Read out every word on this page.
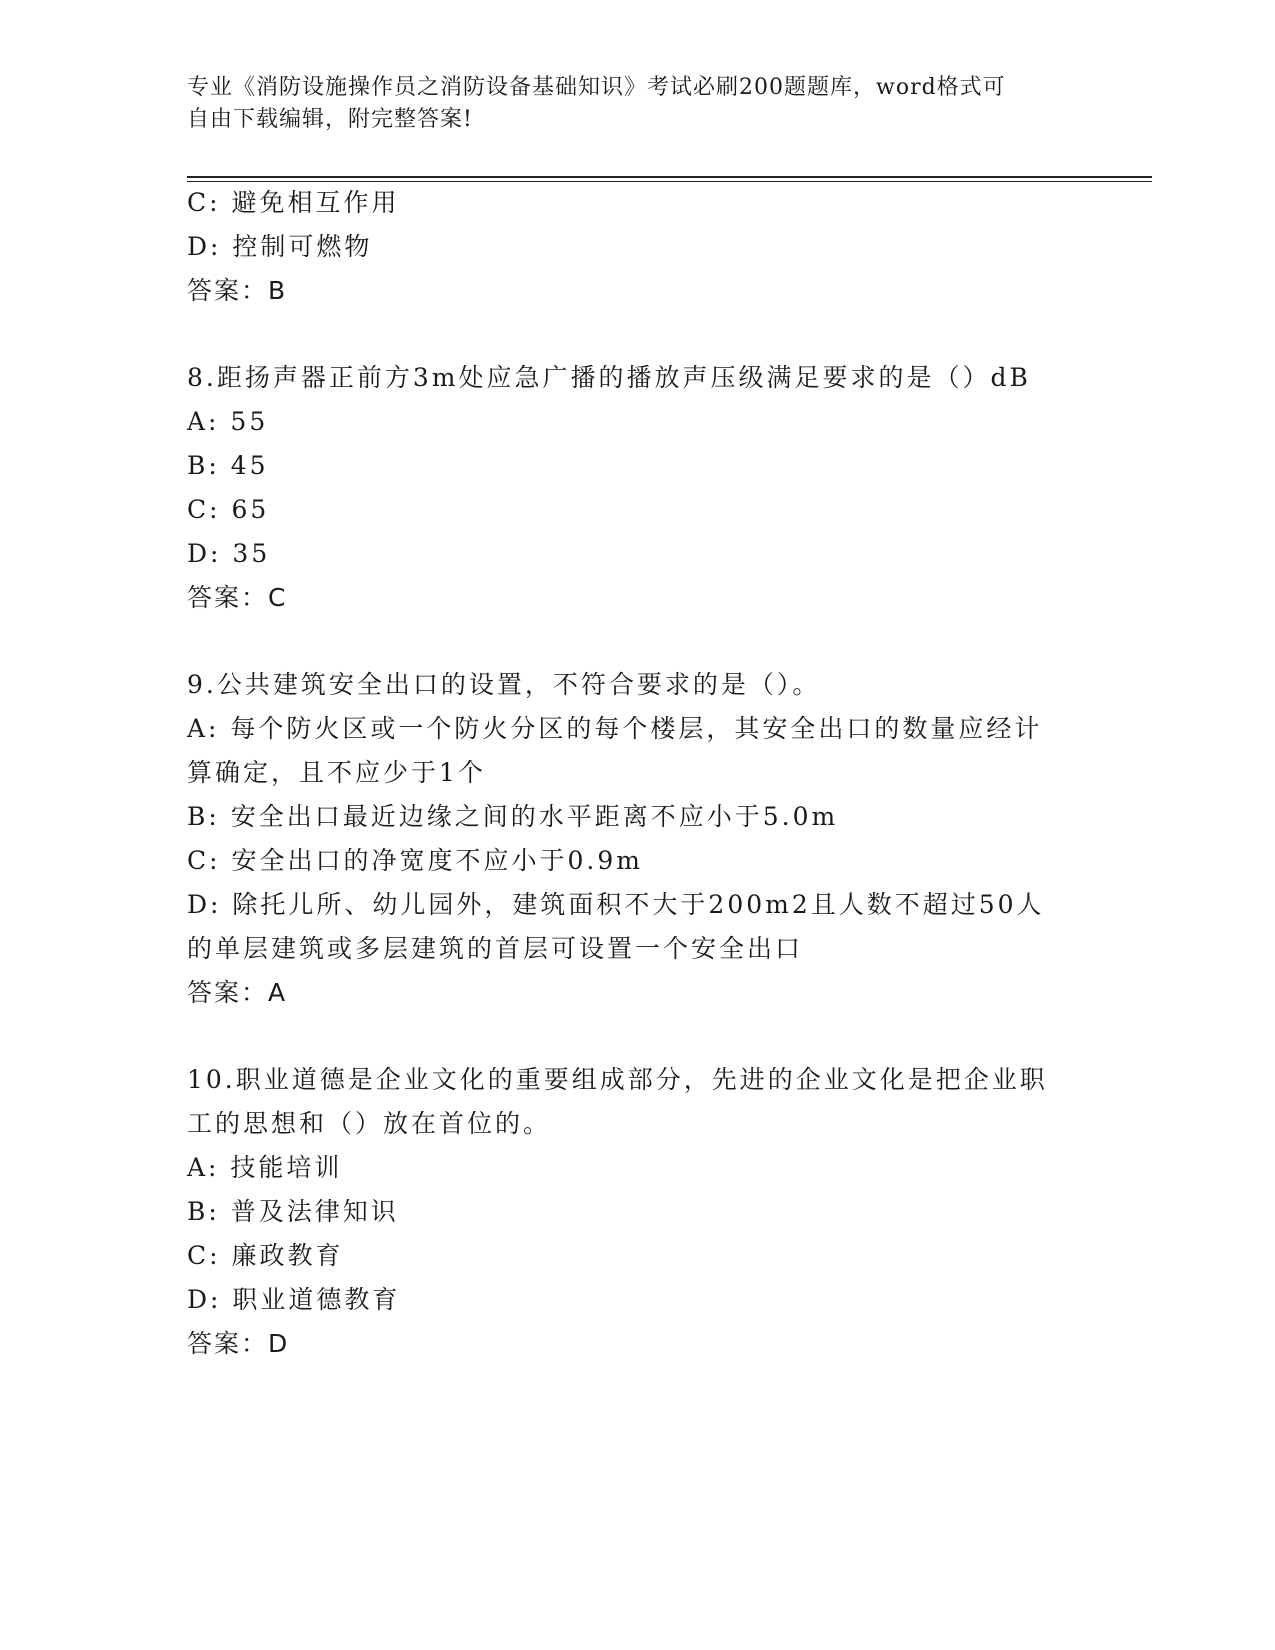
专业《消防设施操作员之消防设备基础知识》考试必刷200题题库，word格式可
自由下载编辑，附完整答案!
C: 避免相互作用
D: 控制可燃物
答案：B
8.距扬声器正前方3m处应急广播的播放声压级满足要求的是（）dB
A: 55
B: 45
C: 65
D: 35
答案：C
9.公共建筑安全出口的设置，不符合要求的是（）。
A: 每个防火区或一个防火分区的每个楼层，其安全出口的数量应经计
算确定，且不应少于1个
B: 安全出口最近边缘之间的水平距离不应小于5.0m
C: 安全出口的净宽度不应小于0.9m
D: 除托儿所、幼儿园外，建筑面积不大于200m2且人数不超过50人
的单层建筑或多层建筑的首层可设置一个安全出口
答案：A
10.职业道德是企业文化的重要组成部分，先进的企业文化是把企业职
工的思想和（）放在首位的。
A: 技能培训
B: 普及法律知识
C: 廉政教育
D: 职业道德教育
答案：D
